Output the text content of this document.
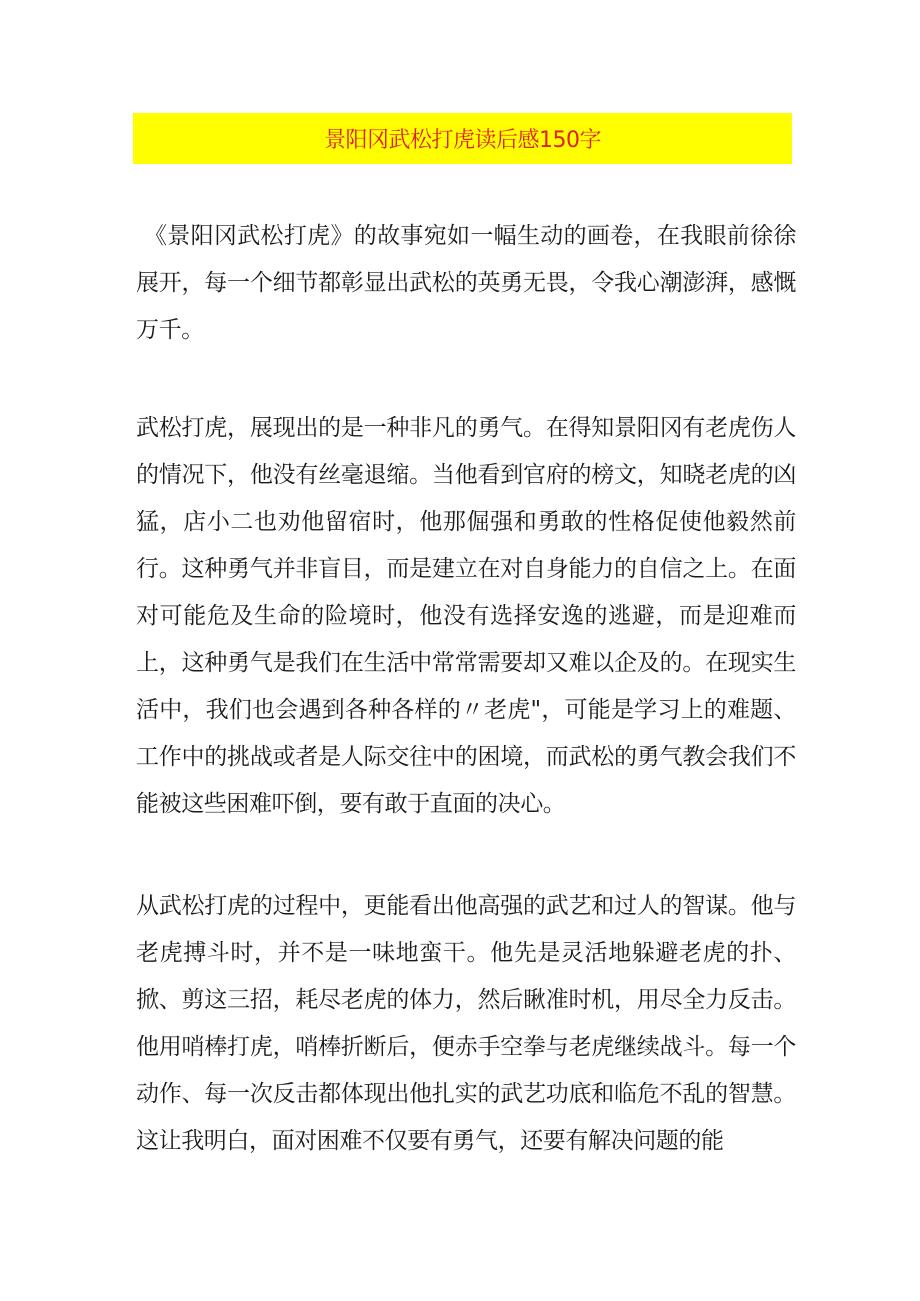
景阳冈武松打虎读后感150字

《景阳冈武松打虎》的故事宛如一幅生动的画卷，在我眼前徐徐展开，每一个细节都彰显出武松的英勇无畏，令我心潮澎湃，感慨万千。

武松打虎，展现出的是一种非凡的勇气。在得知景阳冈有老虎伤人的情况下，他没有丝毫退缩。当他看到官府的榜文，知晓老虎的凶猛，店小二也劝他留宿时，他那倔强和勇敢的性格促使他毅然前行。这种勇气并非盲目，而是建立在对自身能力的自信之上。在面对可能危及生命的险境时，他没有选择安逸的逃避，而是迎难而上，这种勇气是我们在生活中常常需要却又难以企及的。在现实生活中，我们也会遇到各种各样的〃老虎"，可能是学习上的难题、工作中的挑战或者是人际交往中的困境，而武松的勇气教会我们不能被这些困难吓倒，要有敢于直面的决心。

从武松打虎的过程中，更能看出他高强的武艺和过人的智谋。他与老虎搏斗时，并不是一味地蛮干。他先是灵活地躲避老虎的扑、掀、剪这三招，耗尽老虎的体力，然后瞅准时机，用尽全力反击。他用哨棒打虎，哨棒折断后，便赤手空拳与老虎继续战斗。每一个动作、每一次反击都体现出他扎实的武艺功底和临危不乱的智慧。这让我明白，面对困难不仅要有勇气，还要有解决问题的能
